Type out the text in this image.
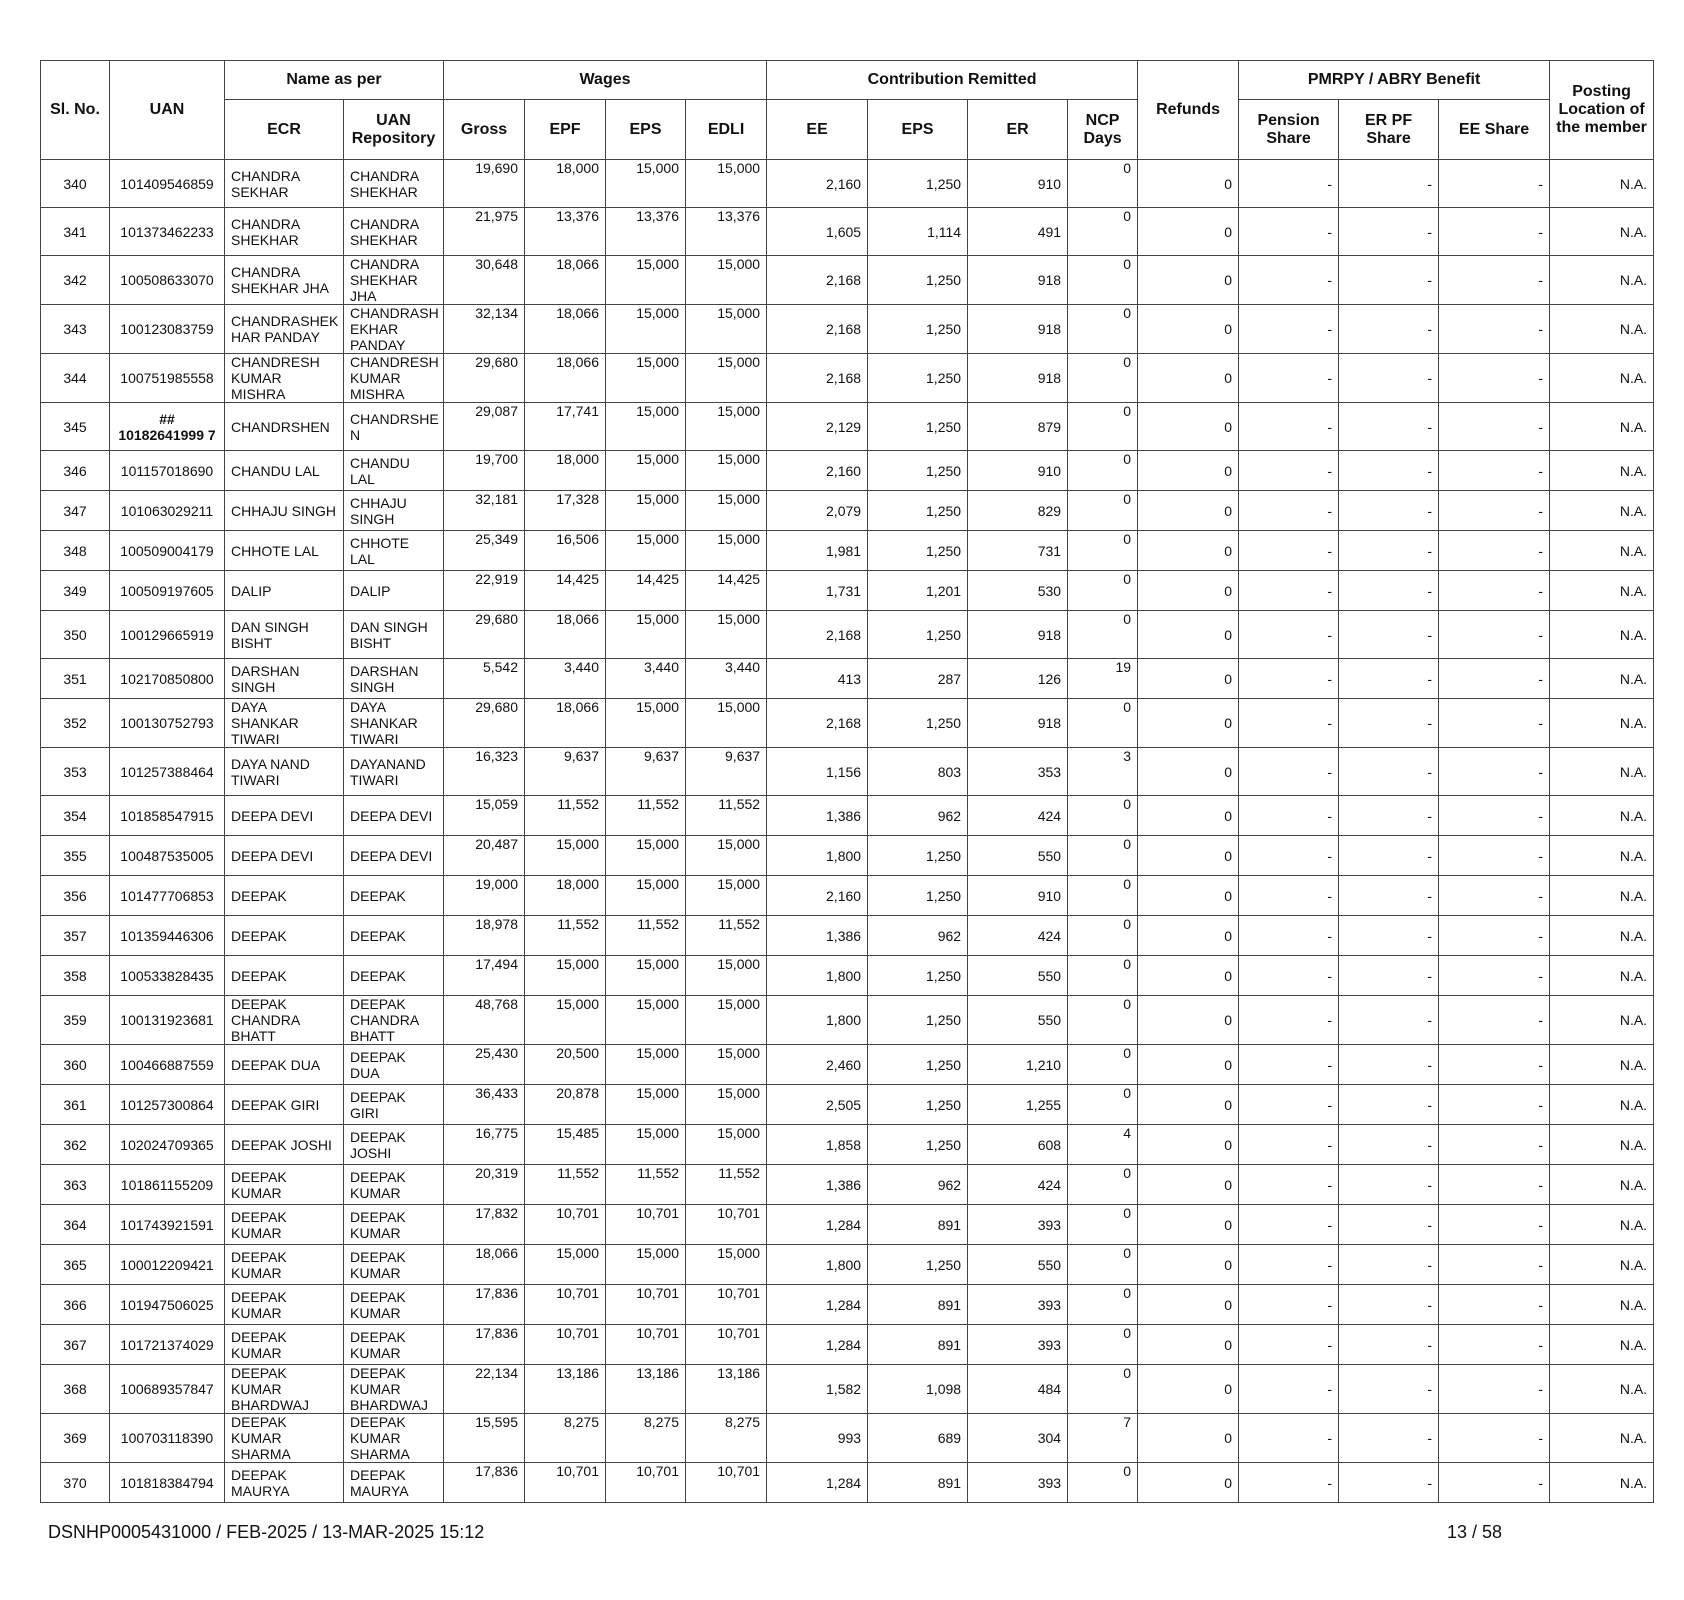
Sl. No.	UAN	Name as per		Wages				Contribution Remitted				Refunds	PMRPY / ABRY Benefit			Posting Location of the member
		ECR	UAN Repository	Gross	EPF	EPS	EDLI	EE	EPS	ER	NCP Days		Pension Share	ER PF Share	EE Share	
340	101409546859	CHANDRA SEKHAR	CHANDRA SHEKHAR	19,690	18,000	15,000	15,000	2,160	1,250	910	0	0	-	-	-	N.A.
341	101373462233	CHANDRA SHEKHAR	CHANDRA SHEKHAR	21,975	13,376	13,376	13,376	1,605	1,114	491	0	0	-	-	-	N.A.
342	100508633070	CHANDRA SHEKHAR JHA	CHANDRA SHEKHAR JHA	30,648	18,066	15,000	15,000	2,168	1,250	918	0	0	-	-	-	N.A.
343	100123083759	CHANDRASHEK HAR PANDAY	CHANDRASH EKHAR PANDAY	32,134	18,066	15,000	15,000	2,168	1,250	918	0	0	-	-	-	N.A.
344	100751985558	CHANDRESH KUMAR MISHRA	CHANDRESH KUMAR MISHRA	29,680	18,066	15,000	15,000	2,168	1,250	918	0	0	-	-	-	N.A.
345	## 10182641999 7	CHANDRSHEN	CHANDRSHE N	29,087	17,741	15,000	15,000	2,129	1,250	879	0	0	-	-	-	N.A.
346	101157018690	CHANDU LAL	CHANDU LAL	19,700	18,000	15,000	15,000	2,160	1,250	910	0	0	-	-	-	N.A.
347	101063029211	CHHAJU SINGH	CHHAJU SINGH	32,181	17,328	15,000	15,000	2,079	1,250	829	0	0	-	-	-	N.A.
348	100509004179	CHHOTE LAL	CHHOTE LAL	25,349	16,506	15,000	15,000	1,981	1,250	731	0	0	-	-	-	N.A.
349	100509197605	DALIP	DALIP	22,919	14,425	14,425	14,425	1,731	1,201	530	0	0	-	-	-	N.A.
350	100129665919	DAN SINGH BISHT	DAN SINGH BISHT	29,680	18,066	15,000	15,000	2,168	1,250	918	0	0	-	-	-	N.A.
351	102170850800	DARSHAN SINGH	DARSHAN SINGH	5,542	3,440	3,440	3,440	413	287	126	19	0	-	-	-	N.A.
352	100130752793	DAYA SHANKAR TIWARI	DAYA SHANKAR TIWARI	29,680	18,066	15,000	15,000	2,168	1,250	918	0	0	-	-	-	N.A.
353	101257388464	DAYA NAND TIWARI	DAYANAND TIWARI	16,323	9,637	9,637	9,637	1,156	803	353	3	0	-	-	-	N.A.
354	101858547915	DEEPA DEVI	DEEPA DEVI	15,059	11,552	11,552	11,552	1,386	962	424	0	0	-	-	-	N.A.
355	100487535005	DEEPA DEVI	DEEPA DEVI	20,487	15,000	15,000	15,000	1,800	1,250	550	0	0	-	-	-	N.A.
356	101477706853	DEEPAK	DEEPAK	19,000	18,000	15,000	15,000	2,160	1,250	910	0	0	-	-	-	N.A.
357	101359446306	DEEPAK	DEEPAK	18,978	11,552	11,552	11,552	1,386	962	424	0	0	-	-	-	N.A.
358	100533828435	DEEPAK	DEEPAK	17,494	15,000	15,000	15,000	1,800	1,250	550	0	0	-	-	-	N.A.
359	100131923681	DEEPAK CHANDRA BHATT	DEEPAK CHANDRA BHATT	48,768	15,000	15,000	15,000	1,800	1,250	550	0	0	-	-	-	N.A.
360	100466887559	DEEPAK DUA	DEEPAK DUA	25,430	20,500	15,000	15,000	2,460	1,250	1,210	0	0	-	-	-	N.A.
361	101257300864	DEEPAK GIRI	DEEPAK GIRI	36,433	20,878	15,000	15,000	2,505	1,250	1,255	0	0	-	-	-	N.A.
362	102024709365	DEEPAK JOSHI	DEEPAK JOSHI	16,775	15,485	15,000	15,000	1,858	1,250	608	4	0	-	-	-	N.A.
363	101861155209	DEEPAK KUMAR	DEEPAK KUMAR	20,319	11,552	11,552	11,552	1,386	962	424	0	0	-	-	-	N.A.
364	101743921591	DEEPAK KUMAR	DEEPAK KUMAR	17,832	10,701	10,701	10,701	1,284	891	393	0	0	-	-	-	N.A.
365	100012209421	DEEPAK KUMAR	DEEPAK KUMAR	18,066	15,000	15,000	15,000	1,800	1,250	550	0	0	-	-	-	N.A.
366	101947506025	DEEPAK KUMAR	DEEPAK KUMAR	17,836	10,701	10,701	10,701	1,284	891	393	0	0	-	-	-	N.A.
367	101721374029	DEEPAK KUMAR	DEEPAK KUMAR	17,836	10,701	10,701	10,701	1,284	891	393	0	0	-	-	-	N.A.
368	100689357847	DEEPAK KUMAR BHARDWAJ	DEEPAK KUMAR BHARDWAJ	22,134	13,186	13,186	13,186	1,582	1,098	484	0	0	-	-	-	N.A.
369	100703118390	DEEPAK KUMAR SHARMA	DEEPAK KUMAR SHARMA	15,595	8,275	8,275	8,275	993	689	304	7	0	-	-	-	N.A.
370	101818384794	DEEPAK MAURYA	DEEPAK MAURYA	17,836	10,701	10,701	10,701	1,284	891	393	0	0	-	-	-	N.A.
DSNHP0005431000 / FEB-2025 / 13-MAR-2025 15:12	13 / 58
